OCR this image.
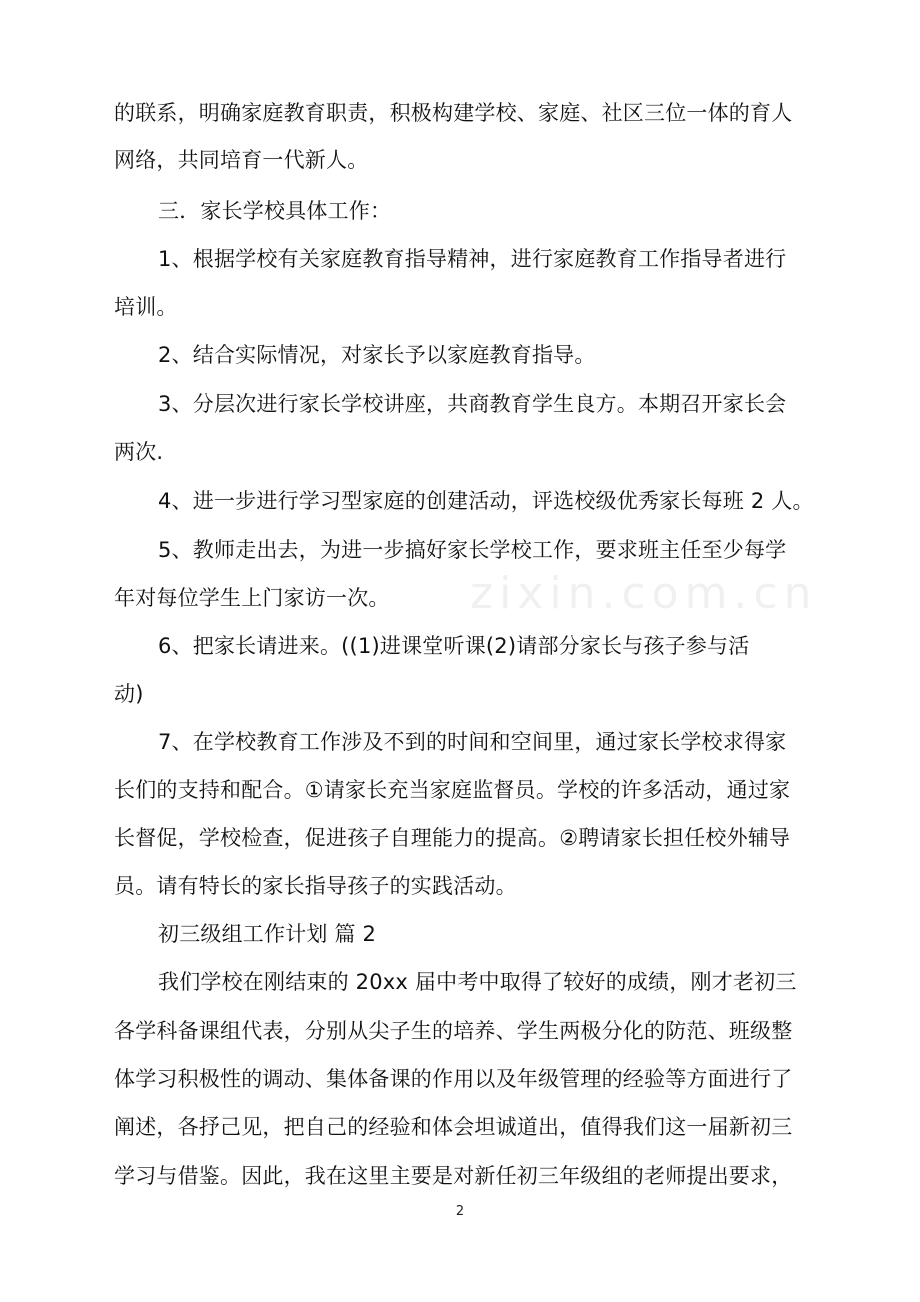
zixin.com.cn
的联系，明确家庭教育职责，积极构建学校、家庭、社区三位一体的育人
网络，共同培育一代新人。
三．家长学校具体工作：
1、根据学校有关家庭教育指导精神，进行家庭教育工作指导者进行
培训。
2、结合实际情况，对家长予以家庭教育指导。
3、分层次进行家长学校讲座，共商教育学生良方。本期召开家长会
两次.
4、进一步进行学习型家庭的创建活动，评选校级优秀家长每班 2 人。
5、教师走出去，为进一步搞好家长学校工作，要求班主任至少每学
年对每位学生上门家访一次。
6、把家长请进来。((1)进课堂听课(2)请部分家长与孩子参与活
动)
7、在学校教育工作涉及不到的时间和空间里，通过家长学校求得家
长们的支持和配合。①请家长充当家庭监督员。学校的许多活动，通过家
长督促，学校检查，促进孩子自理能力的提高。②聘请家长担任校外辅导
员。请有特长的家长指导孩子的实践活动。
初三级组工作计划 篇 2
我们学校在刚结束的 20xx 届中考中取得了较好的成绩，刚才老初三
各学科备课组代表，分别从尖子生的培养、学生两极分化的防范、班级整
体学习积极性的调动、集体备课的作用以及年级管理的经验等方面进行了
阐述，各抒己见，把自己的经验和体会坦诚道出，值得我们这一届新初三
学习与借鉴。因此，我在这里主要是对新任初三年级组的老师提出要求，
2
